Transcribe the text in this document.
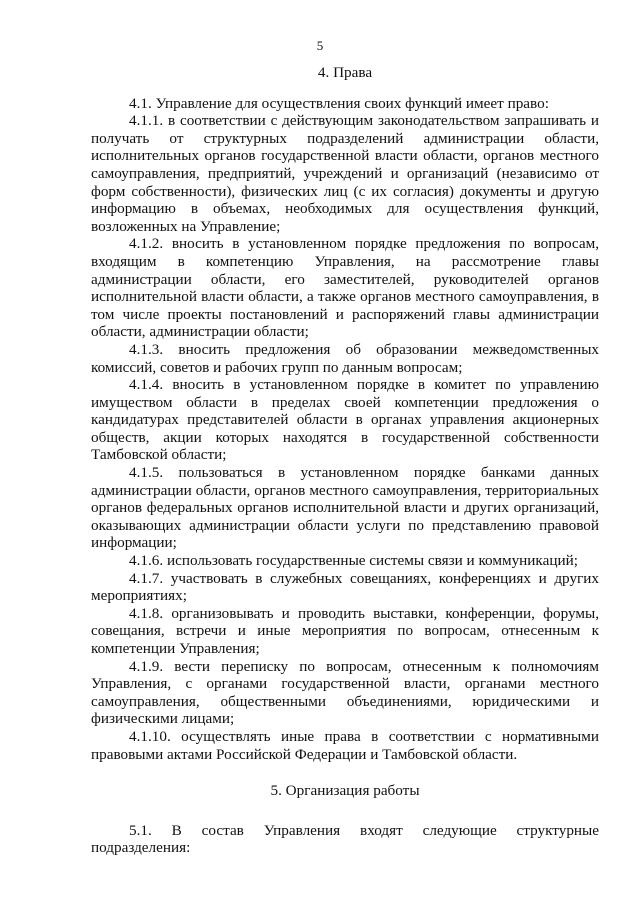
5

4. Права

4.1. Управление для осуществления своих функций имеет право:

4.1.1. в соответствии с действующим законодательством запрашивать и получать от структурных подразделений администрации области, исполнительных органов государственной власти области, органов местного самоуправления, предприятий, учреждений и организаций (независимо от форм собственности), физических лиц (с их согласия) документы и другую информацию в объемах, необходимых для осуществления функций, возложенных на Управление;

4.1.2. вносить в установленном порядке предложения по вопросам, входящим в компетенцию Управления, на рассмотрение главы администрации области, его заместителей, руководителей органов исполнительной власти области, а также органов местного самоуправления, в том числе проекты постановлений и распоряжений главы администрации области, администрации области;

4.1.3. вносить предложения об образовании межведомственных комиссий, советов и рабочих групп по данным вопросам;

4.1.4. вносить в установленном порядке в комитет по управлению имуществом области в пределах своей компетенции предложения о кандидатурах представителей области в органах управления акционерных обществ, акции которых находятся в государственной собственности Тамбовской области;

4.1.5. пользоваться в установленном порядке банками данных администрации области, органов местного самоуправления, территориальных органов федеральных органов исполнительной власти и других организаций, оказывающих администрации области услуги по представлению правовой информации;

4.1.6. использовать государственные системы связи и коммуникаций;

4.1.7. участвовать в служебных совещаниях, конференциях и других мероприятиях;

4.1.8. организовывать и проводить выставки, конференции, форумы, совещания, встречи и иные мероприятия по вопросам, отнесенным к компетенции Управления;

4.1.9. вести переписку по вопросам, отнесенным к полномочиям Управления, с органами государственной власти, органами местного самоуправления, общественными объединениями, юридическими и физическими лицами;

4.1.10. осуществлять иные права в соответствии с нормативными правовыми актами Российской Федерации и Тамбовской области.

5. Организация работы

5.1. В состав Управления входят следующие структурные подразделения:
